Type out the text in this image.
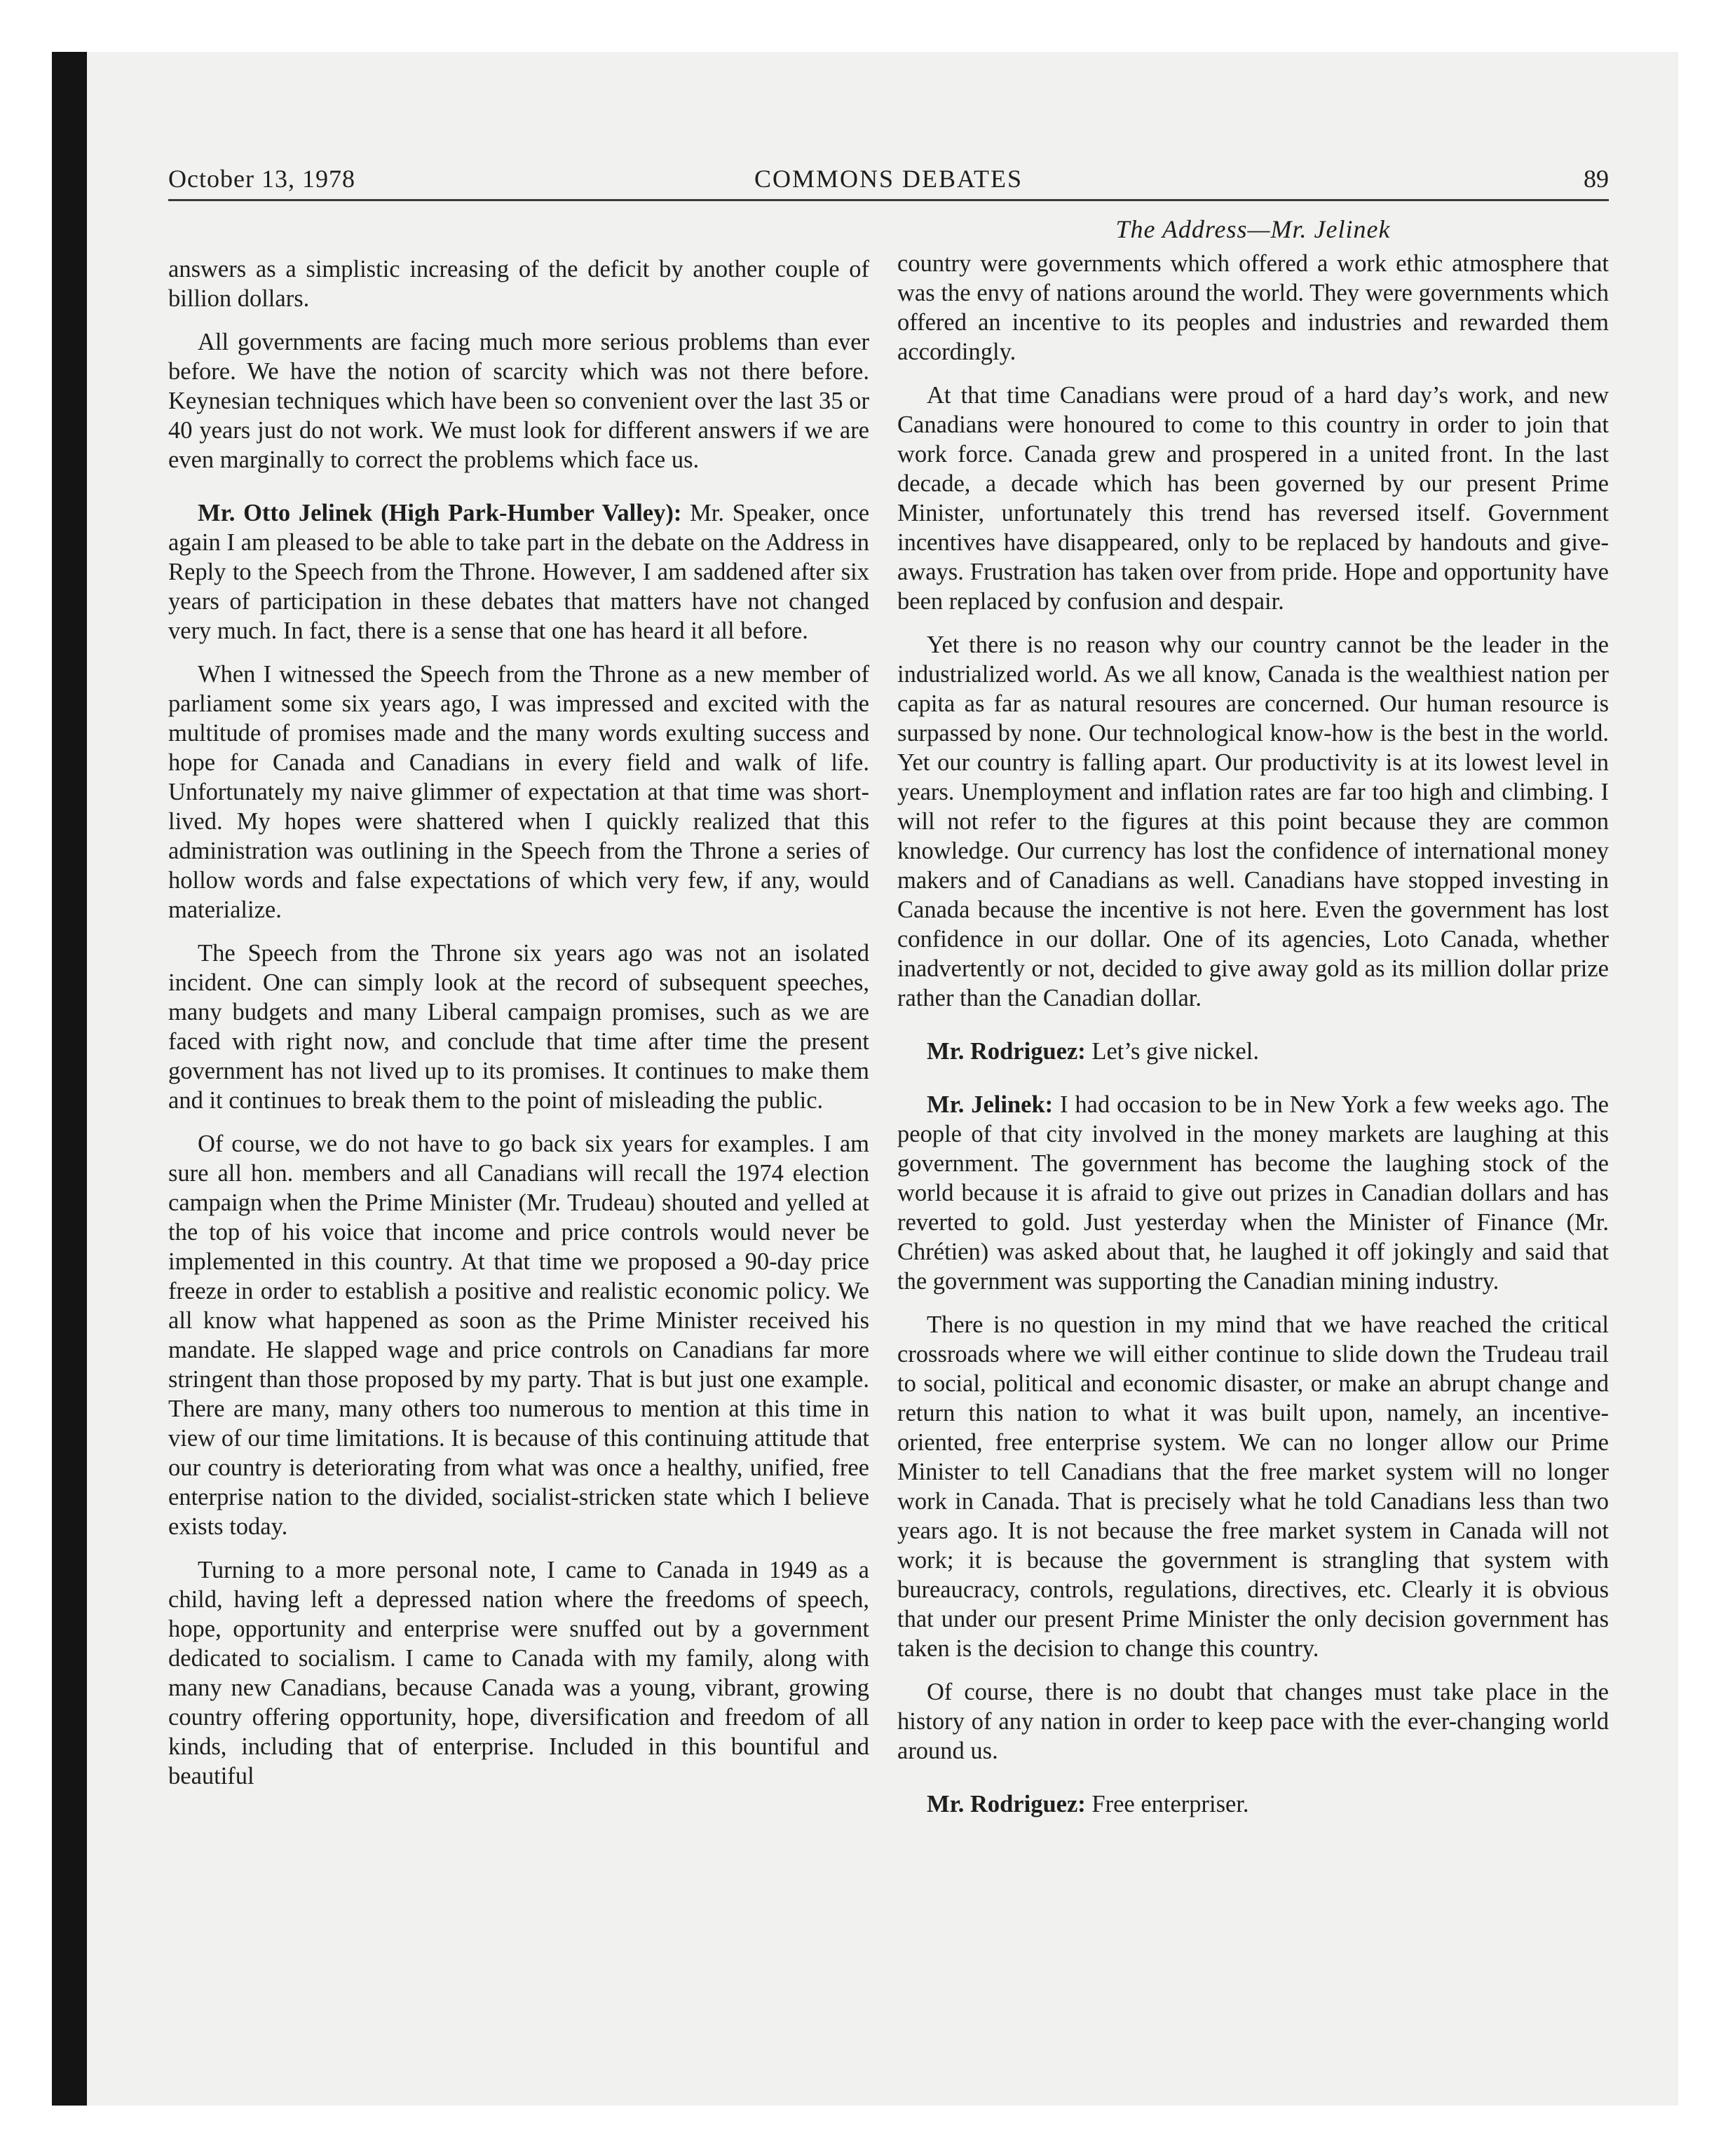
October 13, 1978	COMMONS DEBATES	89
The Address—Mr. Jelinek

answers as a simplistic increasing of the deficit by another couple of billion dollars.

All governments are facing much more serious problems than ever before. We have the notion of scarcity which was not there before. Keynesian techniques which have been so convenient over the last 35 or 40 years just do not work. We must look for different answers if we are even marginally to correct the problems which face us.

Mr. Otto Jelinek (High Park-Humber Valley): Mr. Speaker, once again I am pleased to be able to take part in the debate on the Address in Reply to the Speech from the Throne. However, I am saddened after six years of participation in these debates that matters have not changed very much. In fact, there is a sense that one has heard it all before.

When I witnessed the Speech from the Throne as a new member of parliament some six years ago, I was impressed and excited with the multitude of promises made and the many words exulting success and hope for Canada and Canadians in every field and walk of life. Unfortunately my naive glimmer of expectation at that time was short-lived. My hopes were shattered when I quickly realized that this administration was outlining in the Speech from the Throne a series of hollow words and false expectations of which very few, if any, would materialize.

The Speech from the Throne six years ago was not an isolated incident. One can simply look at the record of subsequent speeches, many budgets and many Liberal campaign promises, such as we are faced with right now, and conclude that time after time the present government has not lived up to its promises. It continues to make them and it continues to break them to the point of misleading the public.

Of course, we do not have to go back six years for examples. I am sure all hon. members and all Canadians will recall the 1974 election campaign when the Prime Minister (Mr. Trudeau) shouted and yelled at the top of his voice that income and price controls would never be implemented in this country. At that time we proposed a 90-day price freeze in order to establish a positive and realistic economic policy. We all know what happened as soon as the Prime Minister received his mandate. He slapped wage and price controls on Canadians far more stringent than those proposed by my party. That is but just one example. There are many, many others too numerous to mention at this time in view of our time limitations. It is because of this continuing attitude that our country is deteriorating from what was once a healthy, unified, free enterprise nation to the divided, socialist-stricken state which I believe exists today.

Turning to a more personal note, I came to Canada in 1949 as a child, having left a depressed nation where the freedoms of speech, hope, opportunity and enterprise were snuffed out by a government dedicated to socialism. I came to Canada with my family, along with many new Canadians, because Canada was a young, vibrant, growing country offering opportunity, hope, diversification and freedom of all kinds, including that of enterprise. Included in this bountiful and beautiful

country were governments which offered a work ethic atmosphere that was the envy of nations around the world. They were governments which offered an incentive to its peoples and industries and rewarded them accordingly.

At that time Canadians were proud of a hard day’s work, and new Canadians were honoured to come to this country in order to join that work force. Canada grew and prospered in a united front. In the last decade, a decade which has been governed by our present Prime Minister, unfortunately this trend has reversed itself. Government incentives have disappeared, only to be replaced by handouts and give-aways. Frustration has taken over from pride. Hope and opportunity have been replaced by confusion and despair.

Yet there is no reason why our country cannot be the leader in the industrialized world. As we all know, Canada is the wealthiest nation per capita as far as natural resoures are concerned. Our human resource is surpassed by none. Our technological know-how is the best in the world. Yet our country is falling apart. Our productivity is at its lowest level in years. Unemployment and inflation rates are far too high and climbing. I will not refer to the figures at this point because they are common knowledge. Our currency has lost the confidence of international money makers and of Canadians as well. Canadians have stopped investing in Canada because the incentive is not here. Even the government has lost confidence in our dollar. One of its agencies, Loto Canada, whether inadvertently or not, decided to give away gold as its million dollar prize rather than the Canadian dollar.

Mr. Rodriguez: Let’s give nickel.

Mr. Jelinek: I had occasion to be in New York a few weeks ago. The people of that city involved in the money markets are laughing at this government. The government has become the laughing stock of the world because it is afraid to give out prizes in Canadian dollars and has reverted to gold. Just yesterday when the Minister of Finance (Mr. Chrétien) was asked about that, he laughed it off jokingly and said that the government was supporting the Canadian mining industry.

There is no question in my mind that we have reached the critical crossroads where we will either continue to slide down the Trudeau trail to social, political and economic disaster, or make an abrupt change and return this nation to what it was built upon, namely, an incentive-oriented, free enterprise system. We can no longer allow our Prime Minister to tell Canadians that the free market system will no longer work in Canada. That is precisely what he told Canadians less than two years ago. It is not because the free market system in Canada will not work; it is because the government is strangling that system with bureaucracy, controls, regulations, directives, etc. Clearly it is obvious that under our present Prime Minister the only decision government has taken is the decision to change this country.

Of course, there is no doubt that changes must take place in the history of any nation in order to keep pace with the ever-changing world around us.

Mr. Rodriguez: Free enterpriser.
